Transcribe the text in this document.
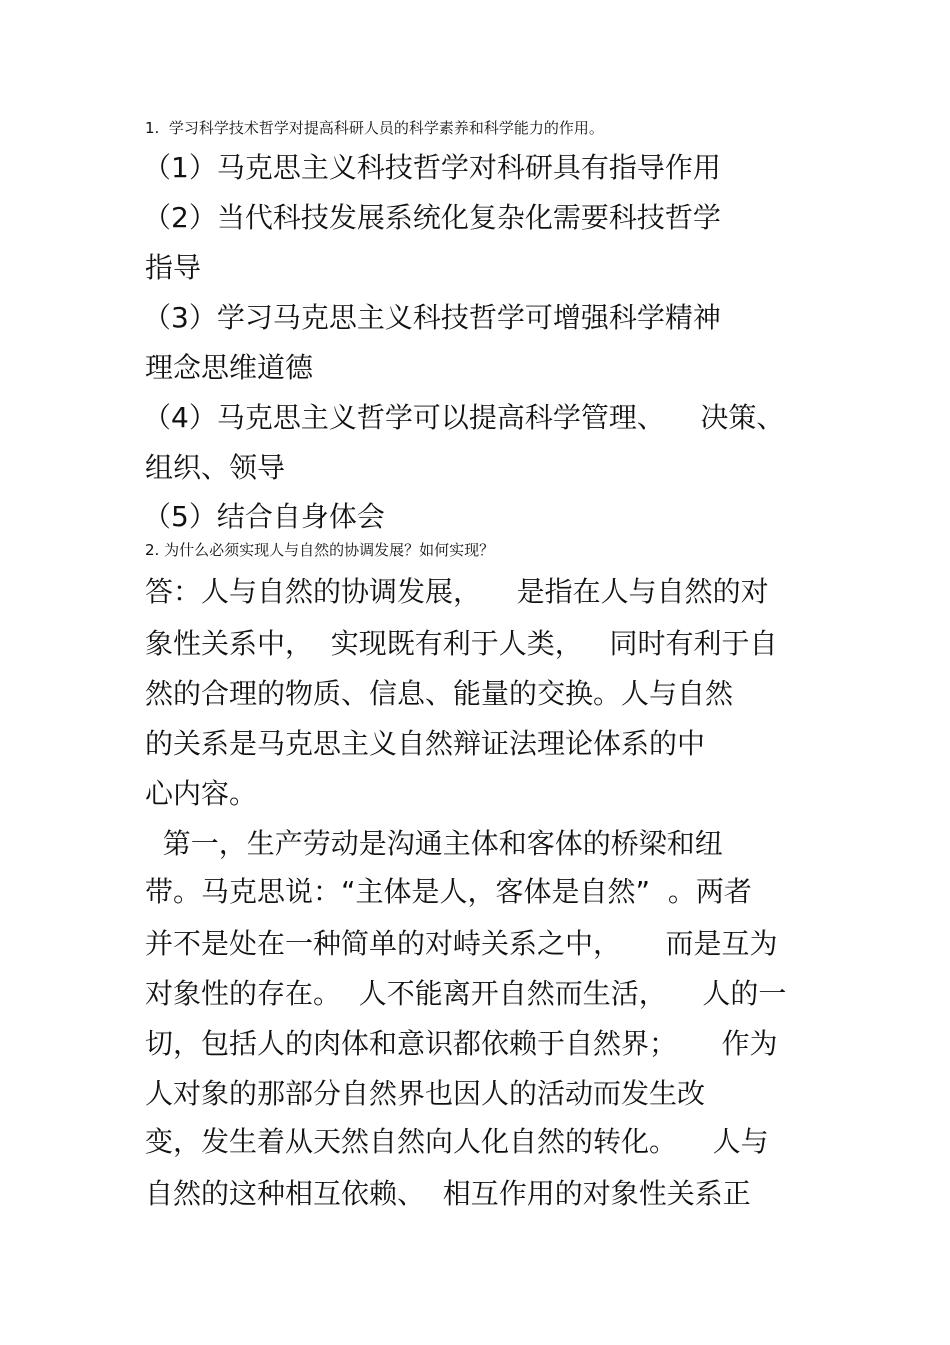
1.  学习科学技术哲学对提高科研人员的科学素养和科学能力的作用。

（1）马克思主义科技哲学对科研具有指导作用

（2）当代科技发展系统化复杂化需要科技哲学

指导

（3）学习马克思主义科技哲学可增强科学精神

理念思维道德

（4）马克思主义哲学可以提高科学管理、    决策、

组织、领导

（5）结合自身体会

2. 为什么必须实现人与自然的协调发展？如何实现？

答：人与自然的协调发展，    是指在人与自然的对

象性关系中，  实现既有利于人类，   同时有利于自

然的合理的物质、信息、能量的交换。人与自然

的关系是马克思主义自然辩证法理论体系的中

心内容。

第一，生产劳动是沟通主体和客体的桥梁和纽

带。马克思说：“主体是人，客体是自然”  。两者

并不是处在一种简单的对峙关系之中，     而是互为

对象性的存在。  人不能离开自然而生活，    人的一

切，包括人的肉体和意识都依赖于自然界；     作为

人对象的那部分自然界也因人的活动而发生改

变，发生着从天然自然向人化自然的转化。    人与

自然的这种相互依赖、  相互作用的对象性关系正
